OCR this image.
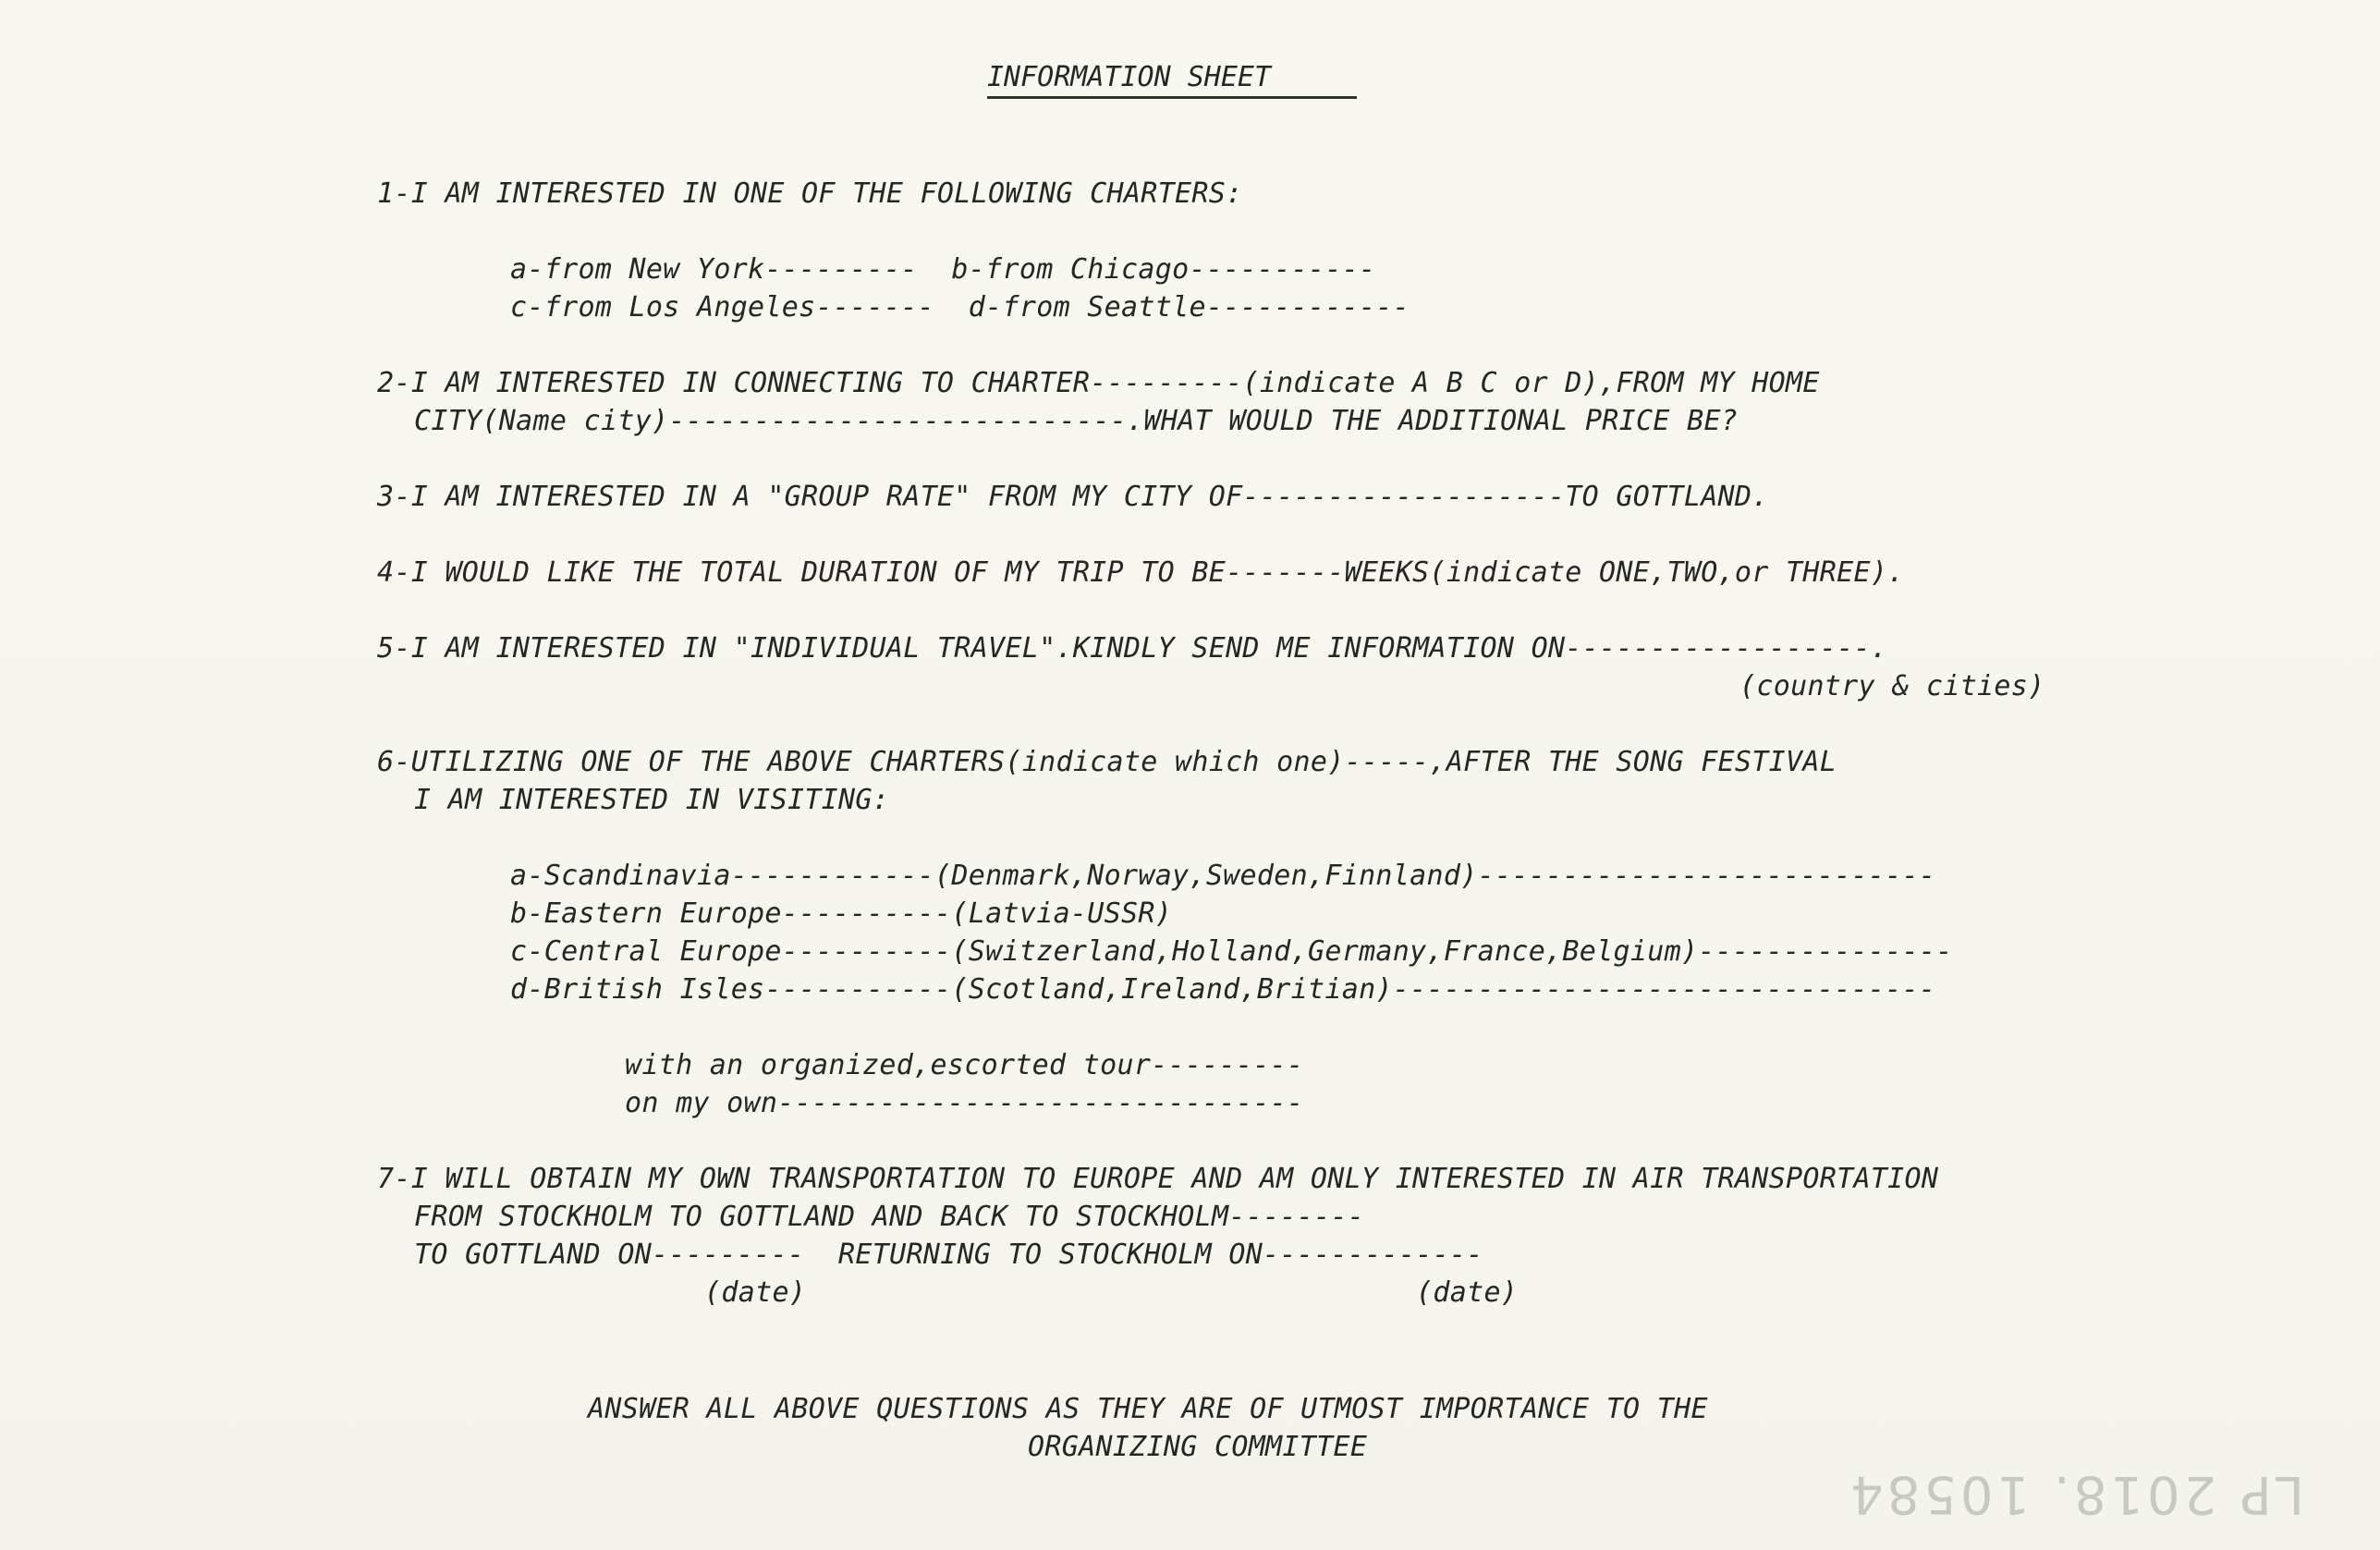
INFORMATION SHEET
1-I AM INTERESTED IN ONE OF THE FOLLOWING CHARTERS:
a-from New York---------  b-from Chicago-----------
c-from Los Angeles-------  d-from Seattle------------
2-I AM INTERESTED IN CONNECTING TO CHARTER---------(indicate A B C or D),FROM MY HOME
CITY(Name city)---------------------------.WHAT WOULD THE ADDITIONAL PRICE BE?
3-I AM INTERESTED IN A "GROUP RATE" FROM MY CITY OF-------------------TO GOTTLAND.
4-I WOULD LIKE THE TOTAL DURATION OF MY TRIP TO BE-------WEEKS(indicate ONE,TWO,or THREE).
5-I AM INTERESTED IN "INDIVIDUAL TRAVEL".KINDLY SEND ME INFORMATION ON------------------.
(country & cities)
6-UTILIZING ONE OF THE ABOVE CHARTERS(indicate which one)-----,AFTER THE SONG FESTIVAL
I AM INTERESTED IN VISITING:
a-Scandinavia------------(Denmark,Norway,Sweden,Finnland)---------------------------
b-Eastern Europe----------(Latvia-USSR)
c-Central Europe----------(Switzerland,Holland,Germany,France,Belgium)---------------
d-British Isles-----------(Scotland,Ireland,Britian)--------------------------------
with an organized,escorted tour---------
on my own-------------------------------
7-I WILL OBTAIN MY OWN TRANSPORTATION TO EUROPE AND AM ONLY INTERESTED IN AIR TRANSPORTATION
FROM STOCKHOLM TO GOTTLAND AND BACK TO STOCKHOLM--------
TO GOTTLAND ON---------  RETURNING TO STOCKHOLM ON-------------
(date)	(date)
ANSWER ALL ABOVE QUESTIONS AS THEY ARE OF UTMOST IMPORTANCE TO THE
ORGANIZING COMMITTEE
LP 2018. 10584
